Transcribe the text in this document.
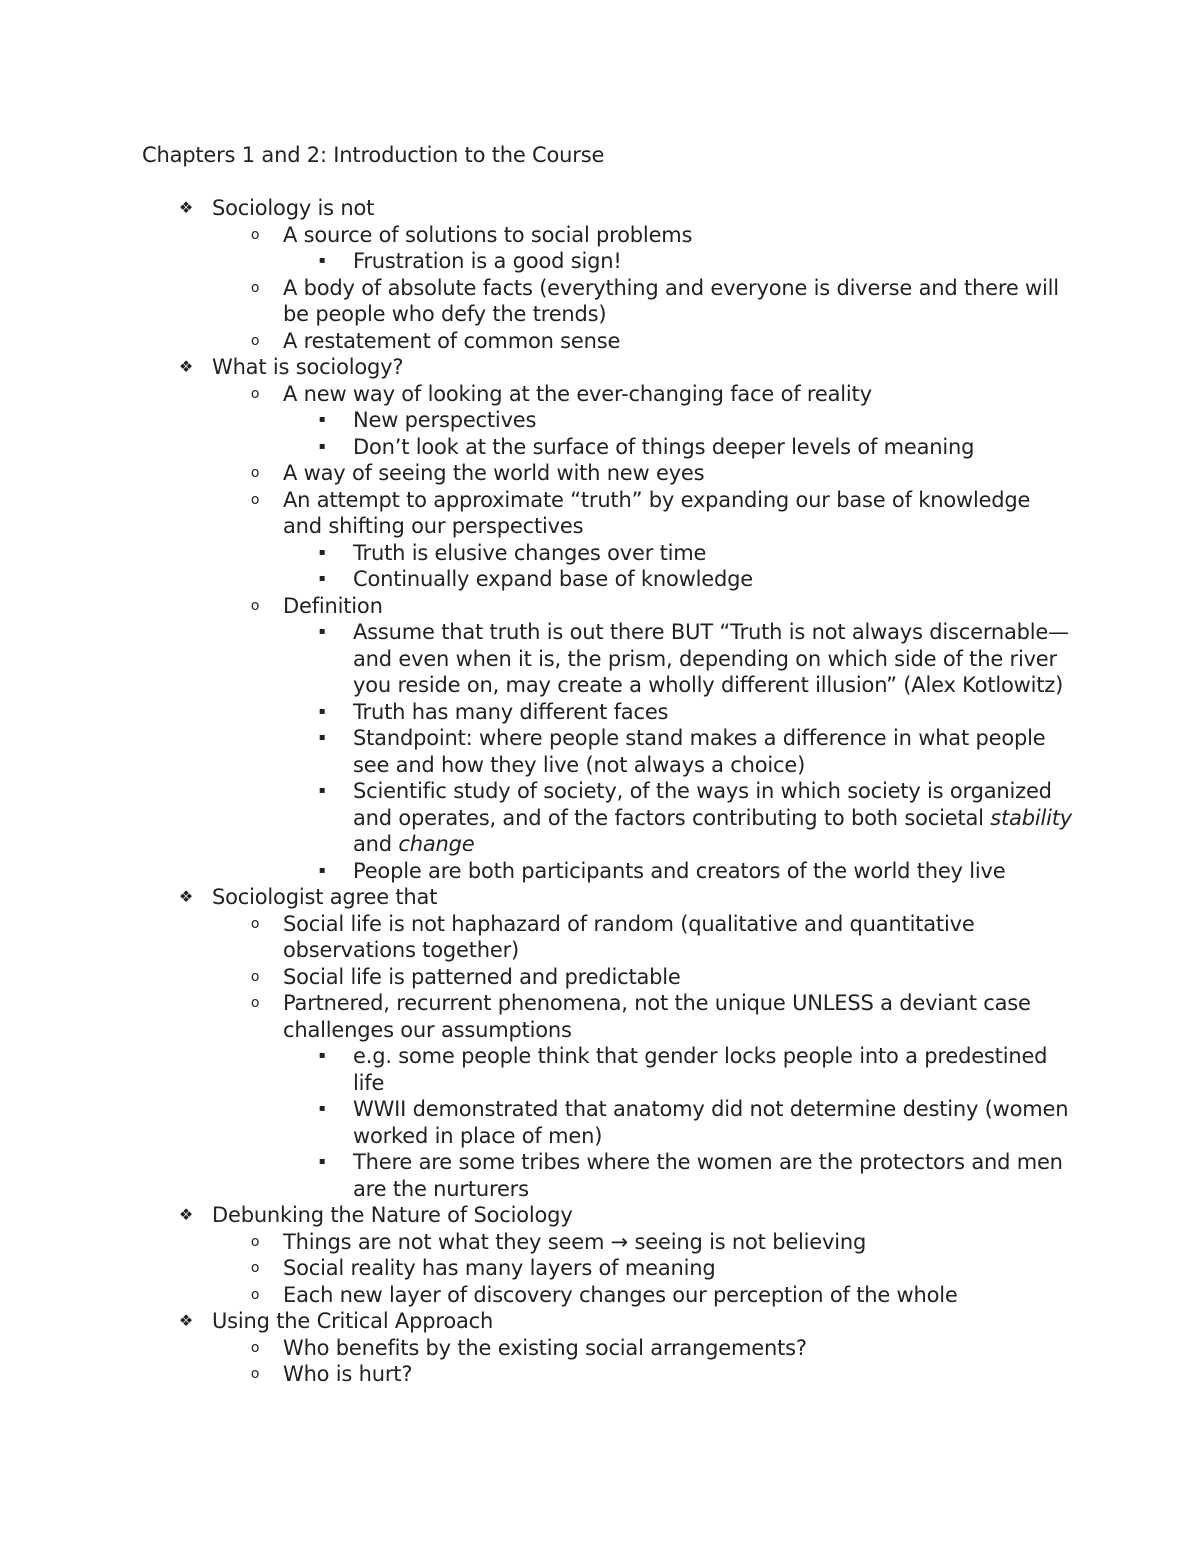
Chapters 1 and 2: Introduction to the Course
❖ Sociology is not
o A source of solutions to social problems
▪ Frustration is a good sign!
o A body of absolute facts (everything and everyone is diverse and there will be people who defy the trends)
o A restatement of common sense
❖ What is sociology?
o A new way of looking at the ever-changing face of reality
▪ New perspectives
▪ Don’t look at the surface of things deeper levels of meaning
o A way of seeing the world with new eyes
o An attempt to approximate “truth” by expanding our base of knowledge and shifting our perspectives
▪ Truth is elusive changes over time
▪ Continually expand base of knowledge
o Definition
▪ Assume that truth is out there BUT “Truth is not always discernable—and even when it is, the prism, depending on which side of the river you reside on, may create a wholly different illusion” (Alex Kotlowitz)
▪ Truth has many different faces
▪ Standpoint: where people stand makes a difference in what people see and how they live (not always a choice)
▪ Scientific study of society, of the ways in which society is organized and operates, and of the factors contributing to both societal stability and change
▪ People are both participants and creators of the world they live
❖ Sociologist agree that
o Social life is not haphazard of random (qualitative and quantitative observations together)
o Social life is patterned and predictable
o Partnered, recurrent phenomena, not the unique UNLESS a deviant case challenges our assumptions
▪ e.g. some people think that gender locks people into a predestined life
▪ WWII demonstrated that anatomy did not determine destiny (women worked in place of men)
▪ There are some tribes where the women are the protectors and men are the nurturers
❖ Debunking the Nature of Sociology
o Things are not what they seem → seeing is not believing
o Social reality has many layers of meaning
o Each new layer of discovery changes our perception of the whole
❖ Using the Critical Approach
o Who benefits by the existing social arrangements?
o Who is hurt?
